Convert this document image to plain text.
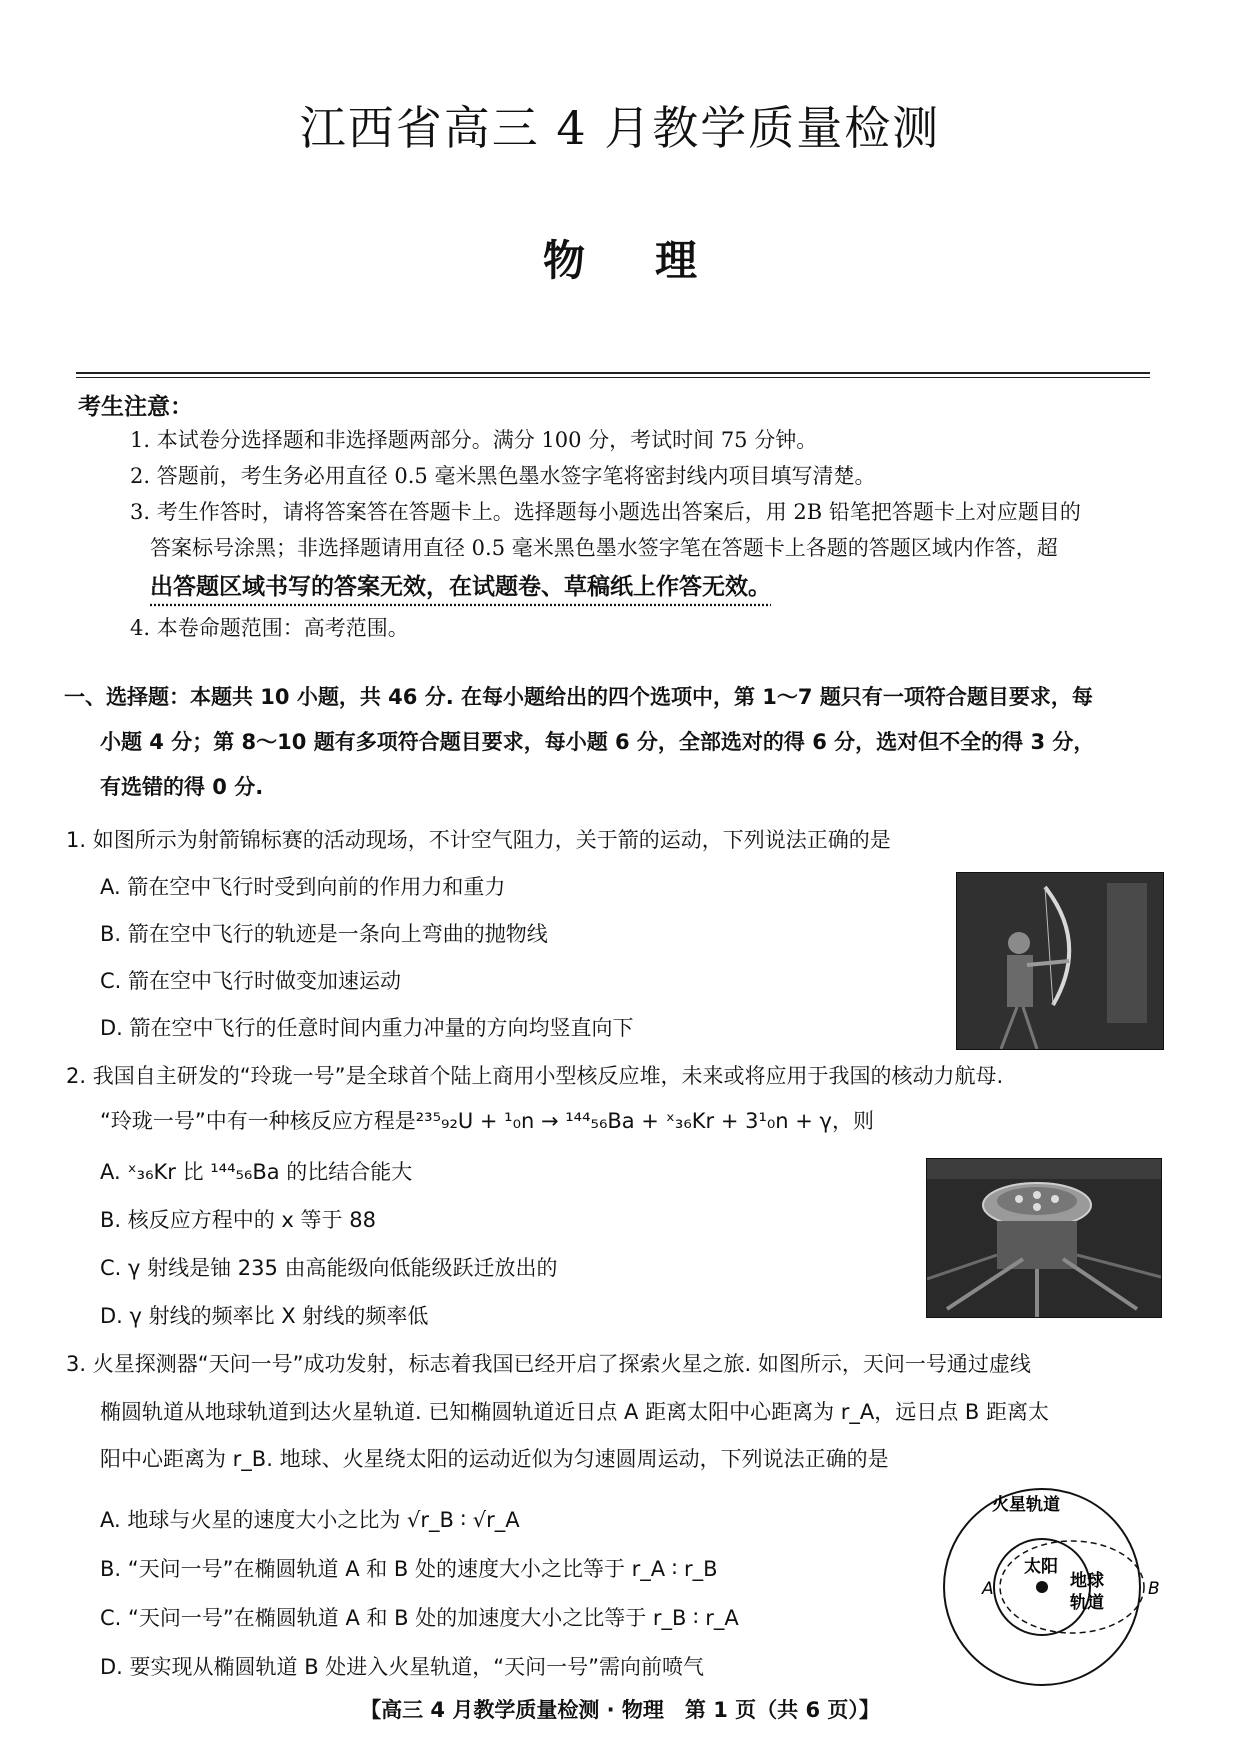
江西省高三 4 月教学质量检测
物理
考生注意：
1. 本试卷分选择题和非选择题两部分。满分 100 分，考试时间 75 分钟。
2. 答题前，考生务必用直径 0.5 毫米黑色墨水签字笔将密封线内项目填写清楚。
3. 考生作答时，请将答案答在答题卡上。选择题每小题选出答案后，用 2B 铅笔把答题卡上对应题目的
答案标号涂黑；非选择题请用直径 0.5 毫米黑色墨水签字笔在答题卡上各题的答题区域内作答，超
出答题区域书写的答案无效，在试题卷、草稿纸上作答无效。
4. 本卷命题范围：高考范围。
一、选择题：本题共 10 小题，共 46 分. 在每小题给出的四个选项中，第 1～7 题只有一项符合题目要求，每
小题 4 分；第 8～10 题有多项符合题目要求，每小题 6 分，全部选对的得 6 分，选对但不全的得 3 分，
有选错的得 0 分.
1. 如图所示为射箭锦标赛的活动现场，不计空气阻力，关于箭的运动，下列说法正确的是
A. 箭在空中飞行时受到向前的作用力和重力
B. 箭在空中飞行的轨迹是一条向上弯曲的抛物线
C. 箭在空中飞行时做变加速运动
D. 箭在空中飞行的任意时间内重力冲量的方向均竖直向下
2. 我国自主研发的“玲珑一号”是全球首个陆上商用小型核反应堆，未来或将应用于我国的核动力航母.
“玲珑一号”中有一种核反应方程是²³⁵₉₂U + ¹₀n → ¹⁴⁴₅₆Ba + ˣ₃₆Kr + 3¹₀n + γ，则
A. ˣ₃₆Kr 比 ¹⁴⁴₅₆Ba 的比结合能大
B. 核反应方程中的 x 等于 88
C. γ 射线是铀 235 由高能级向低能级跃迁放出的
D. γ 射线的频率比 X 射线的频率低
3. 火星探测器“天问一号”成功发射，标志着我国已经开启了探索火星之旅. 如图所示，天问一号通过虚线
椭圆轨道从地球轨道到达火星轨道. 已知椭圆轨道近日点 A 距离太阳中心距离为 r_A，远日点 B 距离太
阳中心距离为 r_B. 地球、火星绕太阳的运动近似为匀速圆周运动，下列说法正确的是
A. 地球与火星的速度大小之比为 √r_B ∶ √r_A
B. “天问一号”在椭圆轨道 A 和 B 处的速度大小之比等于 r_A ∶ r_B
C. “天问一号”在椭圆轨道 A 和 B 处的加速度大小之比等于 r_B ∶ r_A
D. 要实现从椭圆轨道 B 处进入火星轨道，“天问一号”需向前喷气
火星轨道
太阳
地球
轨道
A	B
【高三 4 月教学质量检测 · 物理　第 1 页（共 6 页）】
